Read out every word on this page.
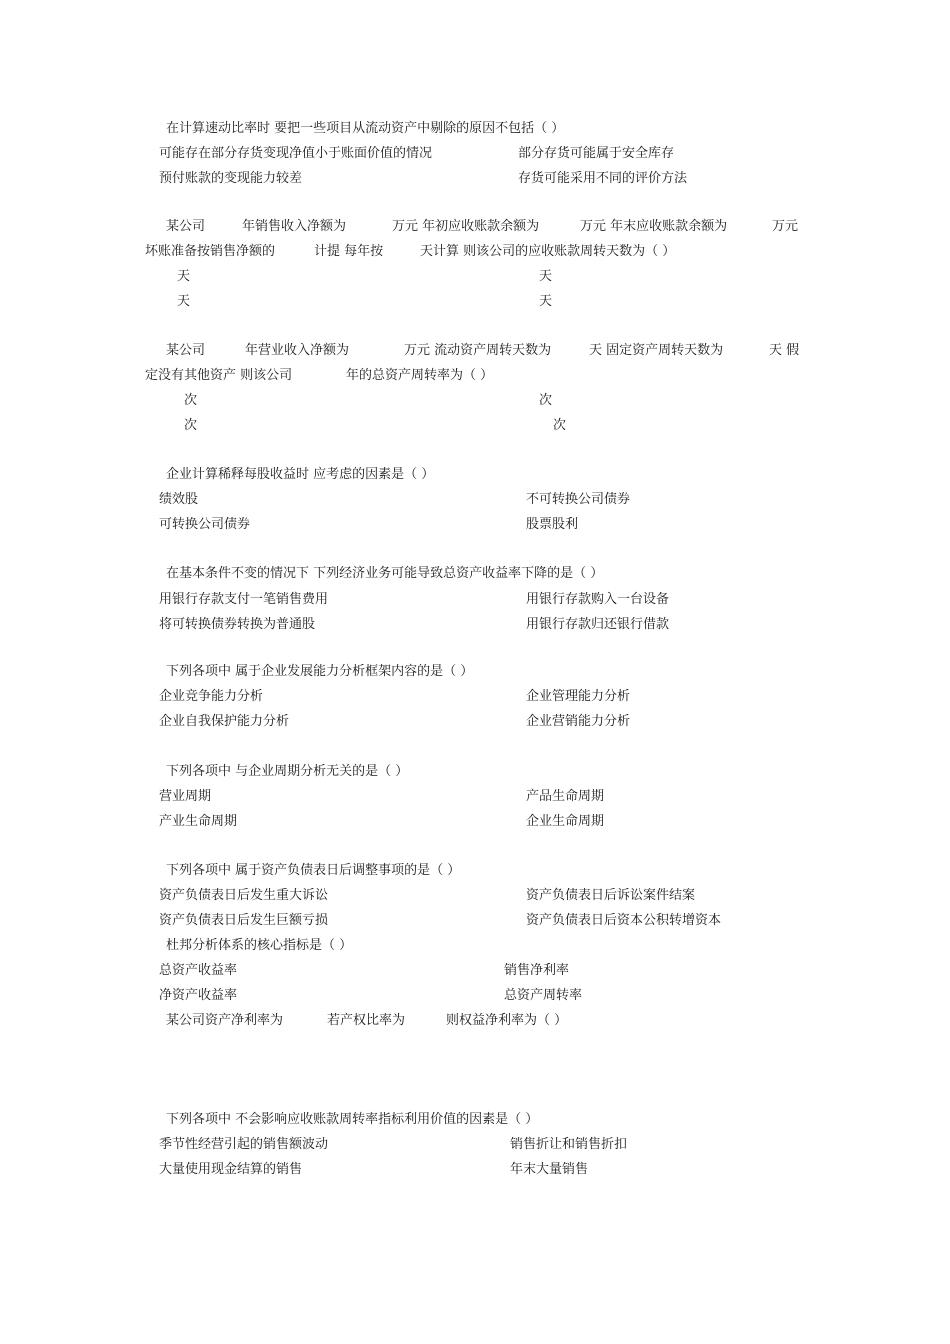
在计算速动比率时 要把一些项目从流动资产中剔除的原因不包括（ ）
可能存在部分存货变现净值小于账面价值的情况	部分存货可能属于安全库存
预付账款的变现能力较差	存货可能采用不同的评价方法
某公司	年销售收入净额为	万元 年初应收账款余额为	万元 年末应收账款余额为	万元
坏账准备按销售净额的	计提 每年按	天计算 则该公司的应收账款周转天数为（ ）
天	天
天	天
某公司	年营业收入净额为	万元 流动资产周转天数为	天 固定资产周转天数为	天 假
定没有其他资产 则该公司	年的总资产周转率为（ ）
次	次
次	次
企业计算稀释每股收益时 应考虑的因素是（ ）
绩效股	不可转换公司债券
可转换公司债券	股票股利
在基本条件不变的情况下 下列经济业务可能导致总资产收益率下降的是（ ）
用银行存款支付一笔销售费用	用银行存款购入一台设备
将可转换债券转换为普通股	用银行存款归还银行借款
下列各项中 属于企业发展能力分析框架内容的是（ ）
企业竞争能力分析	企业管理能力分析
企业自我保护能力分析	企业营销能力分析
下列各项中 与企业周期分析无关的是（ ）
营业周期	产品生命周期
产业生命周期	企业生命周期
下列各项中 属于资产负债表日后调整事项的是（ ）
资产负债表日后发生重大诉讼	资产负债表日后诉讼案件结案
资产负债表日后发生巨额亏损	资产负债表日后资本公积转增资本
杜邦分析体系的核心指标是（ ）
总资产收益率	销售净利率
净资产收益率	总资产周转率
某公司资产净利率为	若产权比率为	则权益净利率为（ ）
下列各项中 不会影响应收账款周转率指标利用价值的因素是（ ）
季节性经营引起的销售额波动	销售折让和销售折扣
大量使用现金结算的销售	年末大量销售
